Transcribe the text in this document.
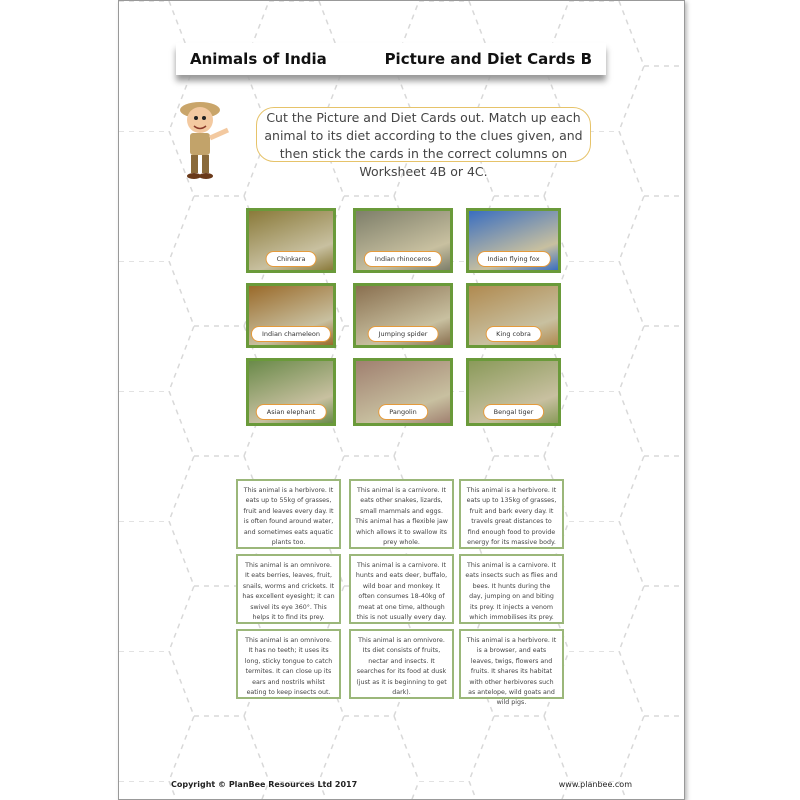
Animals of India	Picture and Diet Cards B
Cut the Picture and Diet Cards out. Match up each animal to its diet according to the clues given, and then stick the cards in the correct columns on Worksheet 4B or 4C.
Chinkara	Indian rhinoceros	Indian flying fox
Indian chameleon	Jumping spider	King cobra
Asian elephant	Pangolin	Bengal tiger
This animal is a herbivore. It eats up to 55kg of grasses, fruit and leaves every day. It is often found around water, and sometimes eats aquatic plants too.
This animal is a carnivore. It eats other snakes, lizards, small mammals and eggs. This animal has a flexible jaw which allows it to swallow its prey whole.
This animal is a herbivore. It eats up to 135kg of grasses, fruit and bark every day. It travels great distances to find enough food to provide energy for its massive body.
This animal is an omnivore. It eats berries, leaves, fruit, snails, worms and crickets. It has excellent eyesight; it can swivel its eye 360°. This helps it to find its prey.
This animal is a carnivore. It hunts and eats deer, buffalo, wild boar and monkey. It often consumes 18-40kg of meat at one time, although this is not usually every day.
This animal is a carnivore. It eats insects such as flies and bees. It hunts during the day, jumping on and biting its prey. It injects a venom which immobilises its prey.
This animal is an omnivore. It has no teeth; it uses its long, sticky tongue to catch termites. It can close up its ears and nostrils whilst eating to keep insects out.
This animal is an omnivore. Its diet consists of fruits, nectar and insects. It searches for its food at dusk (just as it is beginning to get dark).
This animal is a herbivore. It is a browser, and eats leaves, twigs, flowers and fruits. It shares its habitat with other herbivores such as antelope, wild goats and wild pigs.
Copyright © PlanBee Resources Ltd 2017	www.planbee.com
